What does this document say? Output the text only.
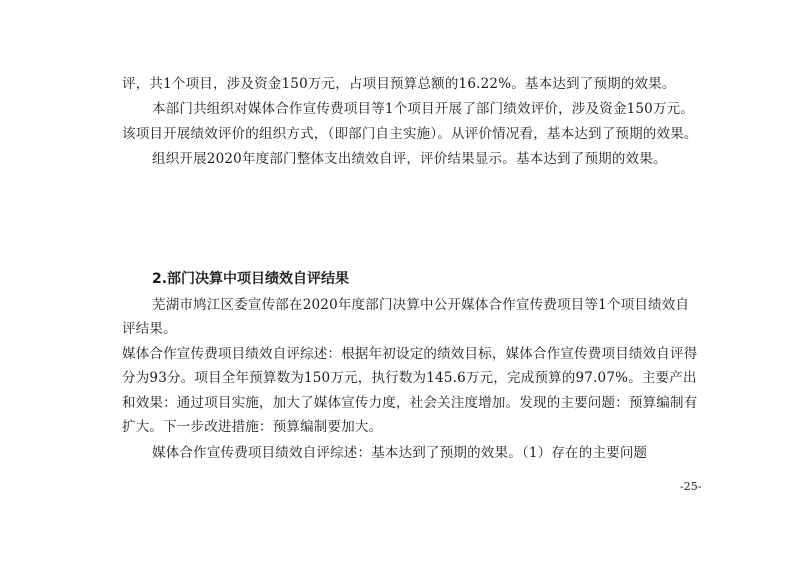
评，共1个项目，涉及资金150万元，占项目预算总额的16.22%。基本达到了预期的效果。
本部门共组织对媒体合作宣传费项目等1个项目开展了部门绩效评价，涉及资金150万元。
该项目开展绩效评价的组织方式，（即部门自主实施）。从评价情况看，基本达到了预期的效果。
组织开展2020年度部门整体支出绩效自评，评价结果显示。基本达到了预期的效果。
2.部门决算中项目绩效自评结果
芜湖市鸠江区委宣传部在2020年度部门决算中公开媒体合作宣传费项目等1个项目绩效自
评结果。
媒体合作宣传费项目绩效自评综述：根据年初设定的绩效目标，媒体合作宣传费项目绩效自评得
分为93分。项目全年预算数为150万元，执行数为145.6万元，完成预算的97.07%。主要产出
和效果：通过项目实施，加大了媒体宣传力度，社会关注度增加。发现的主要问题：预算编制有
扩大。下一步改进措施：预算编制要加大。
媒体合作宣传费项目绩效自评综述：基本达到了预期的效果。（1）存在的主要问题
-25-
